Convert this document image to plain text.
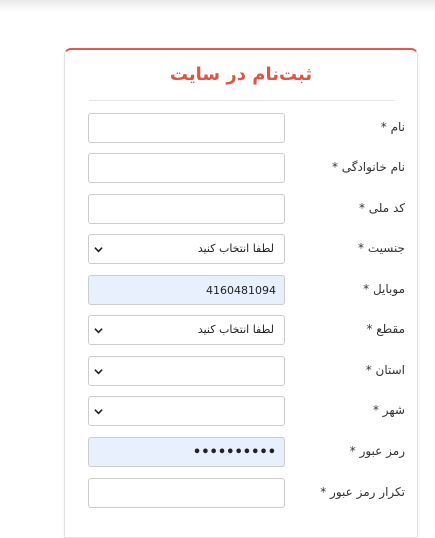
ثبت‌نام در سایت
نام *
نام خانوادگی *
کد ملی *
جنسیت *
لطفا انتخاب کنید
موبایل *
4160481094
مقطع *
لطفا انتخاب کنید
استان *
شهر *
رمز عبور *
••••••••••
تکرار رمز عبور *
